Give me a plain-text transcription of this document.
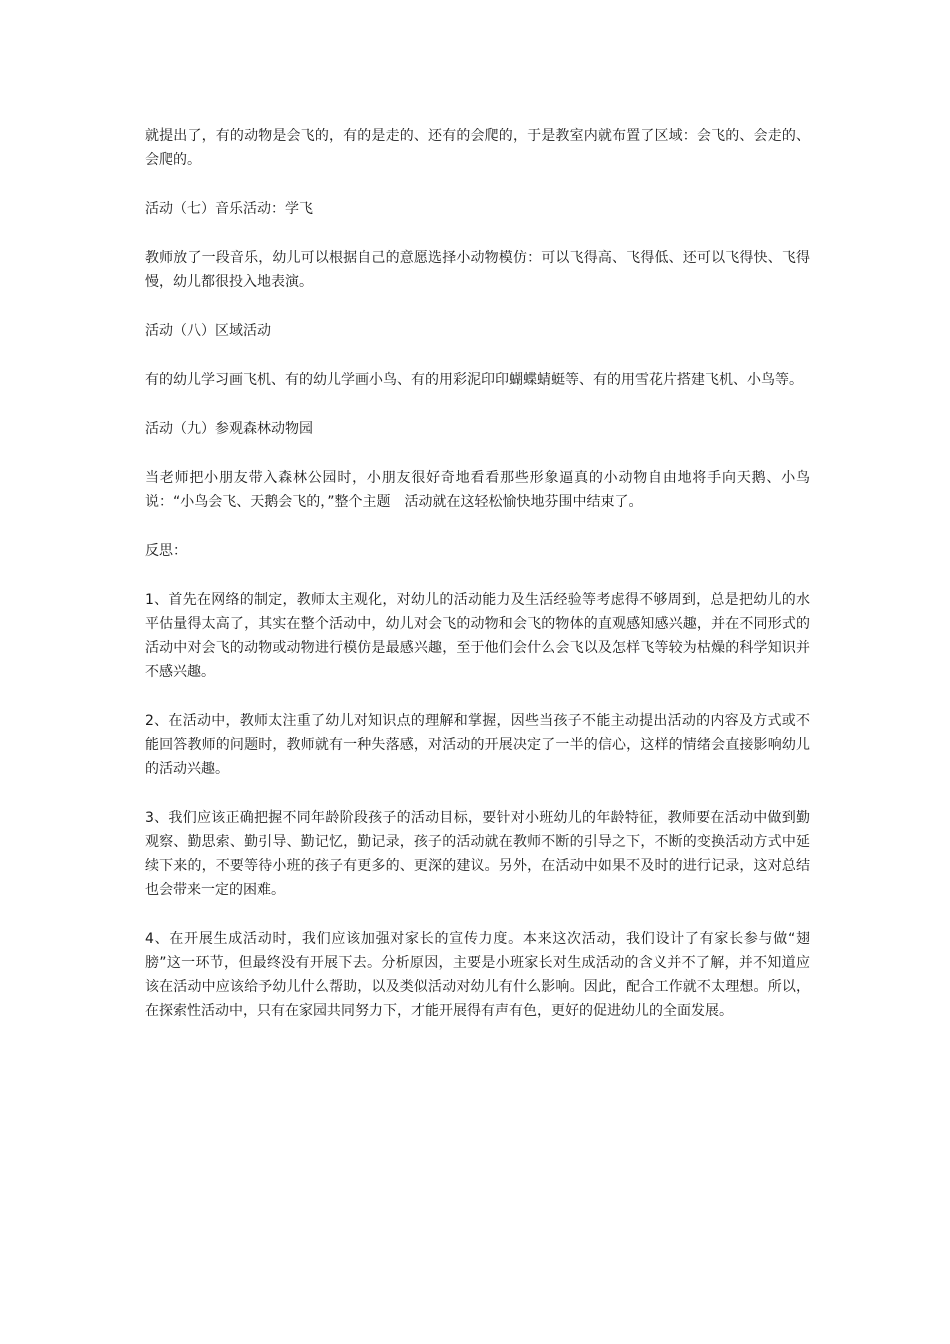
就提出了，有的动物是会飞的，有的是走的、还有的会爬的，于是教室内就布置了区域：会飞的、会走的、会爬的。

活动（七）音乐活动：学飞

教师放了一段音乐，幼儿可以根据自己的意愿选择小动物模仿：可以飞得高、飞得低、还可以飞得快、飞得慢，幼儿都很投入地表演。

活动（八）区域活动

有的幼儿学习画飞机、有的幼儿学画小鸟、有的用彩泥印印蝴蝶蜻蜓等、有的用雪花片搭建飞机、小鸟等。

活动（九）参观森林动物园

当老师把小朋友带入森林公园时，小朋友很好奇地看看那些形象逼真的小动物自由地将手向天鹅、小鸟说：“小鸟会飞、天鹅会飞的，”整个主题　活动就在这轻松愉快地芬围中结束了。

反思：

1、首先在网络的制定，教师太主观化，对幼儿的活动能力及生活经验等考虑得不够周到，总是把幼儿的水平估量得太高了，其实在整个活动中，幼儿对会飞的动物和会飞的物体的直观感知感兴趣，并在不同形式的活动中对会飞的动物或动物进行模仿是最感兴趣，至于他们会什么会飞以及怎样飞等较为枯燥的科学知识并不感兴趣。

2、在活动中，教师太注重了幼儿对知识点的理解和掌握，因些当孩子不能主动提出活动的内容及方式或不能回答教师的问题时，教师就有一种失落感，对活动的开展决定了一半的信心，这样的情绪会直接影响幼儿的活动兴趣。

3、我们应该正确把握不同年龄阶段孩子的活动目标，要针对小班幼儿的年龄特征，教师要在活动中做到勤观察、勤思索、勤引导、勤记忆，勤记录，孩子的活动就在教师不断的引导之下，不断的变换活动方式中延续下来的，不要等待小班的孩子有更多的、更深的建议。另外，在活动中如果不及时的进行记录，这对总结也会带来一定的困难。

4、在开展生成活动时，我们应该加强对家长的宣传力度。本来这次活动，我们设计了有家长参与做“翅膀”这一环节，但最终没有开展下去。分析原因，主要是小班家长对生成活动的含义并不了解，并不知道应该在活动中应该给予幼儿什么帮助，以及类似活动对幼儿有什么影响。因此，配合工作就不太理想。所以，在探索性活动中，只有在家园共同努力下，才能开展得有声有色，更好的促进幼儿的全面发展。
